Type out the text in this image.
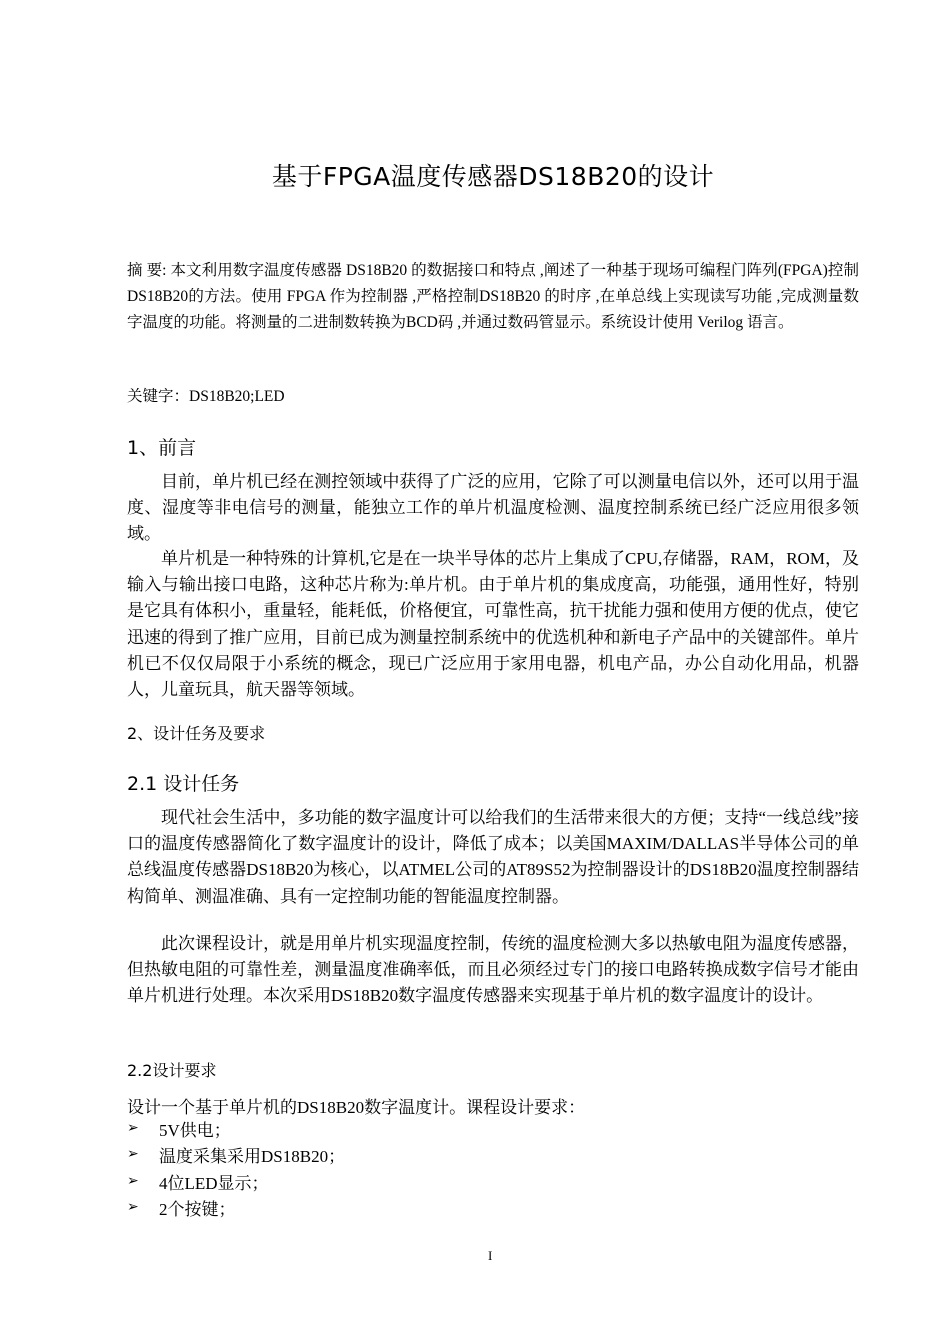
基于FPGA温度传感器DS18B20的设计
摘 要: 本文利用数字温度传感器 DS18B20 的数据接口和特点 ,阐述了一种基于现场可编程门阵列(FPGA)控制DS18B20的方法。使用 FPGA 作为控制器 ,严格控制DS18B20 的时序 ,在单总线上实现读写功能 ,完成测量数字温度的功能。将测量的二进制数转换为BCD码 ,并通过数码管显示。系统设计使用 Verilog 语言。
关键字：DS18B20;LED
1、前言

目前，单片机已经在测控领域中获得了广泛的应用，它除了可以测量电信以外，还可以用于温度、湿度等非电信号的测量，能独立工作的单片机温度检测、温度控制系统已经广泛应用很多领域。

单片机是一种特殊的计算机,它是在一块半导体的芯片上集成了CPU,存储器，RAM，ROM，及输入与输出接口电路，这种芯片称为:单片机。由于单片机的集成度高，功能强，通用性好，特别是它具有体积小，重量轻，能耗低，价格便宜，可靠性高，抗干扰能力强和使用方便的优点，使它迅速的得到了推广应用，目前已成为测量控制系统中的优选机种和新电子产品中的关键部件。单片机已不仅仅局限于小系统的概念，现已广泛应用于家用电器，机电产品，办公自动化用品，机器人，儿童玩具，航天器等领域。

2、设计任务及要求
2.1 设计任务

现代社会生活中，多功能的数字温度计可以给我们的生活带来很大的方便；支持“一线总线”接口的温度传感器简化了数字温度计的设计，降低了成本；以美国MAXIM/DALLAS半导体公司的单总线温度传感器DS18B20为核心，以ATMEL公司的AT89S52为控制器设计的DS18B20温度控制器结构简单、测温准确、具有一定控制功能的智能温度控制器。

此次课程设计，就是用单片机实现温度控制，传统的温度检测大多以热敏电阻为温度传感器，但热敏电阻的可靠性差，测量温度准确率低，而且必须经过专门的接口电路转换成数字信号才能由单片机进行处理。本次采用DS18B20数字温度传感器来实现基于单片机的数字温度计的设计。

2.2设计要求
设计一个基于单片机的DS18B20数字温度计。课程设计要求：
➢	5V供电；
➢	温度采集采用DS18B20；
➢	4位LED显示；
➢	2个按键；
I
